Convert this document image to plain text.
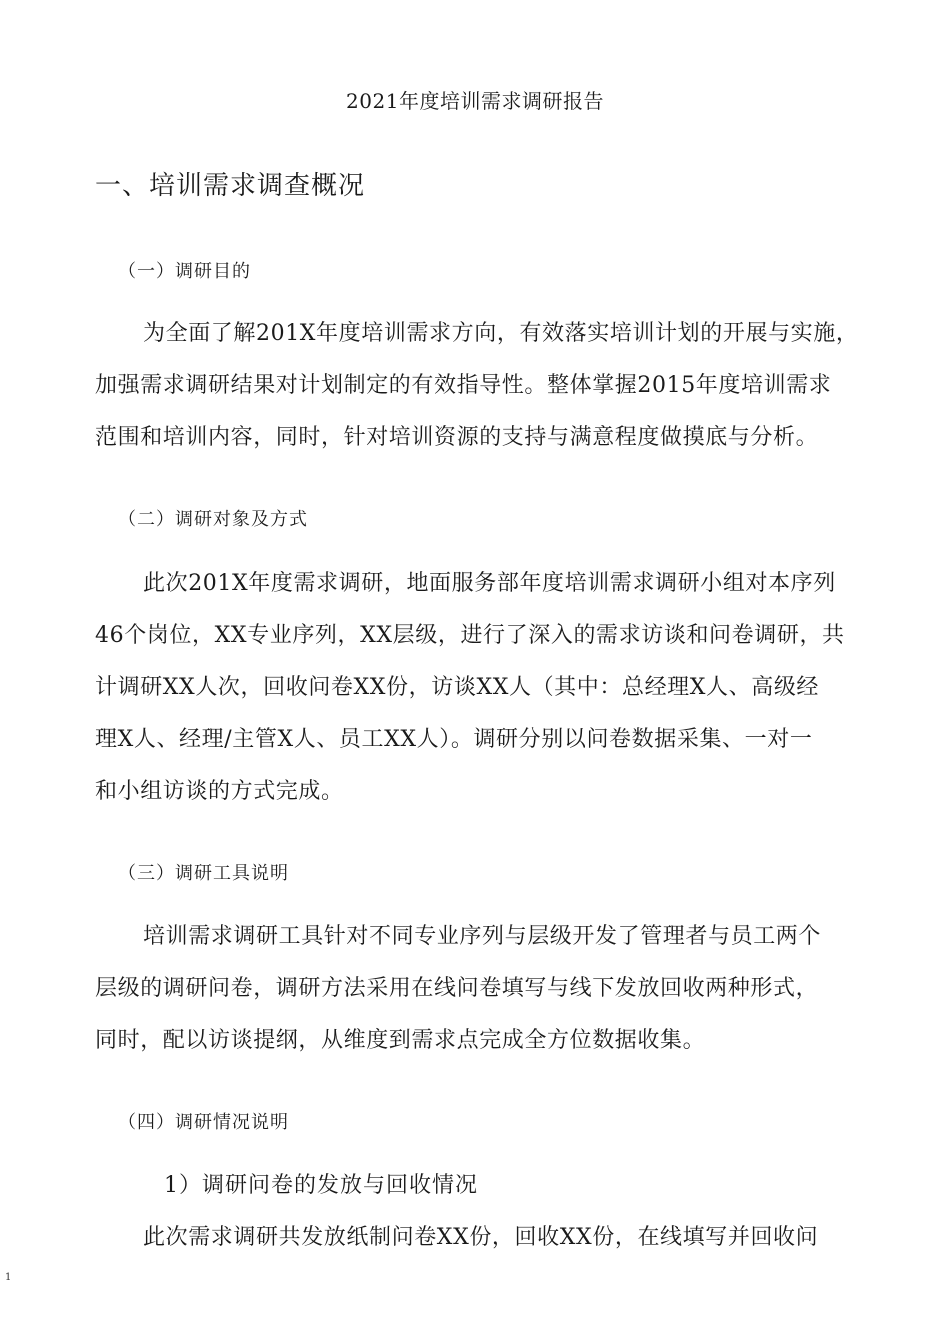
2021年度培训需求调研报告
一、培训需求调查概况
（一）调研目的
为全面了解201X年度培训需求方向，有效落实培训计划的开展与实施，
加强需求调研结果对计划制定的有效指导性。整体掌握2015年度培训需求
范围和培训内容，同时，针对培训资源的支持与满意程度做摸底与分析。
（二）调研对象及方式
此次201X年度需求调研，地面服务部年度培训需求调研小组对本序列
46个岗位，XX专业序列，XX层级，进行了深入的需求访谈和问卷调研，共
计调研XX人次，回收问卷XX份，访谈XX人（其中：总经理X人、高级经
理X人、经理/主管X人、员工XX人）。调研分别以问卷数据采集、一对一
和小组访谈的方式完成。
（三）调研工具说明
培训需求调研工具针对不同专业序列与层级开发了管理者与员工两个
层级的调研问卷，调研方法采用在线问卷填写与线下发放回收两种形式，
同时，配以访谈提纲，从维度到需求点完成全方位数据收集。
（四）调研情况说明
1）调研问卷的发放与回收情况
此次需求调研共发放纸制问卷XX份，回收XX份，在线填写并回收问
1
